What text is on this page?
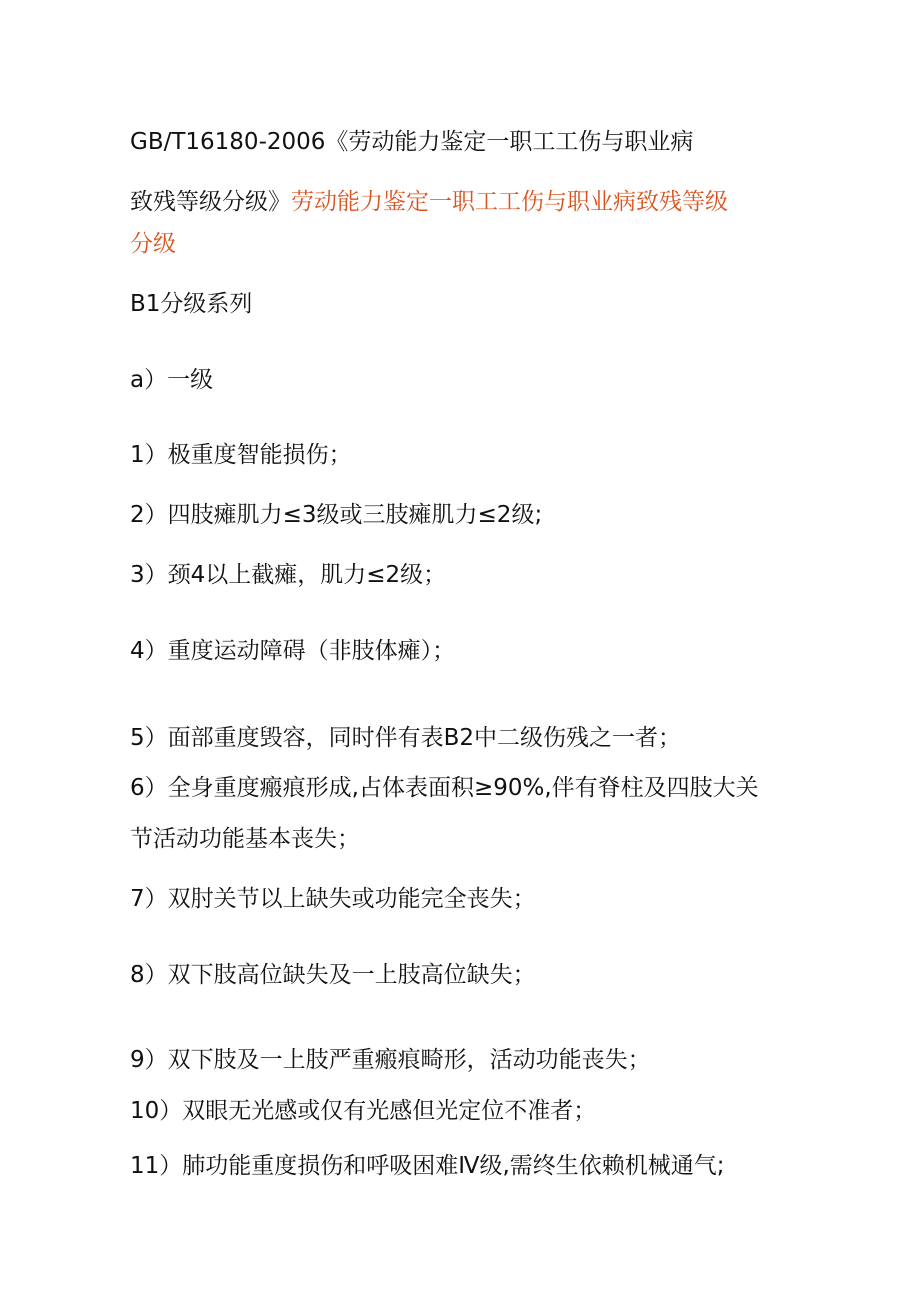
GB/T16180-2006《劳动能力鉴定一职工工伤与职业病
致残等级分级》劳动能力鉴定一职工工伤与职业病致残等级
分级
B1分级系列
a）一级
1）极重度智能损伤；
2）四肢瘫肌力≤3级或三肢瘫肌力≤2级;
3）颈4以上截瘫，肌力≤2级；
4）重度运动障碍（非肢体瘫）；
5）面部重度毁容，同时伴有表B2中二级伤残之一者；
6）全身重度瘢痕形成,占体表面积≥90%,伴有脊柱及四肢大关
节活动功能基本丧失；
7）双肘关节以上缺失或功能完全丧失；
8）双下肢高位缺失及一上肢高位缺失；
9）双下肢及一上肢严重瘢痕畸形，活动功能丧失；
10）双眼无光感或仅有光感但光定位不准者；
11）肺功能重度损伤和呼吸困难Ⅳ级,需终生依赖机械通气;
